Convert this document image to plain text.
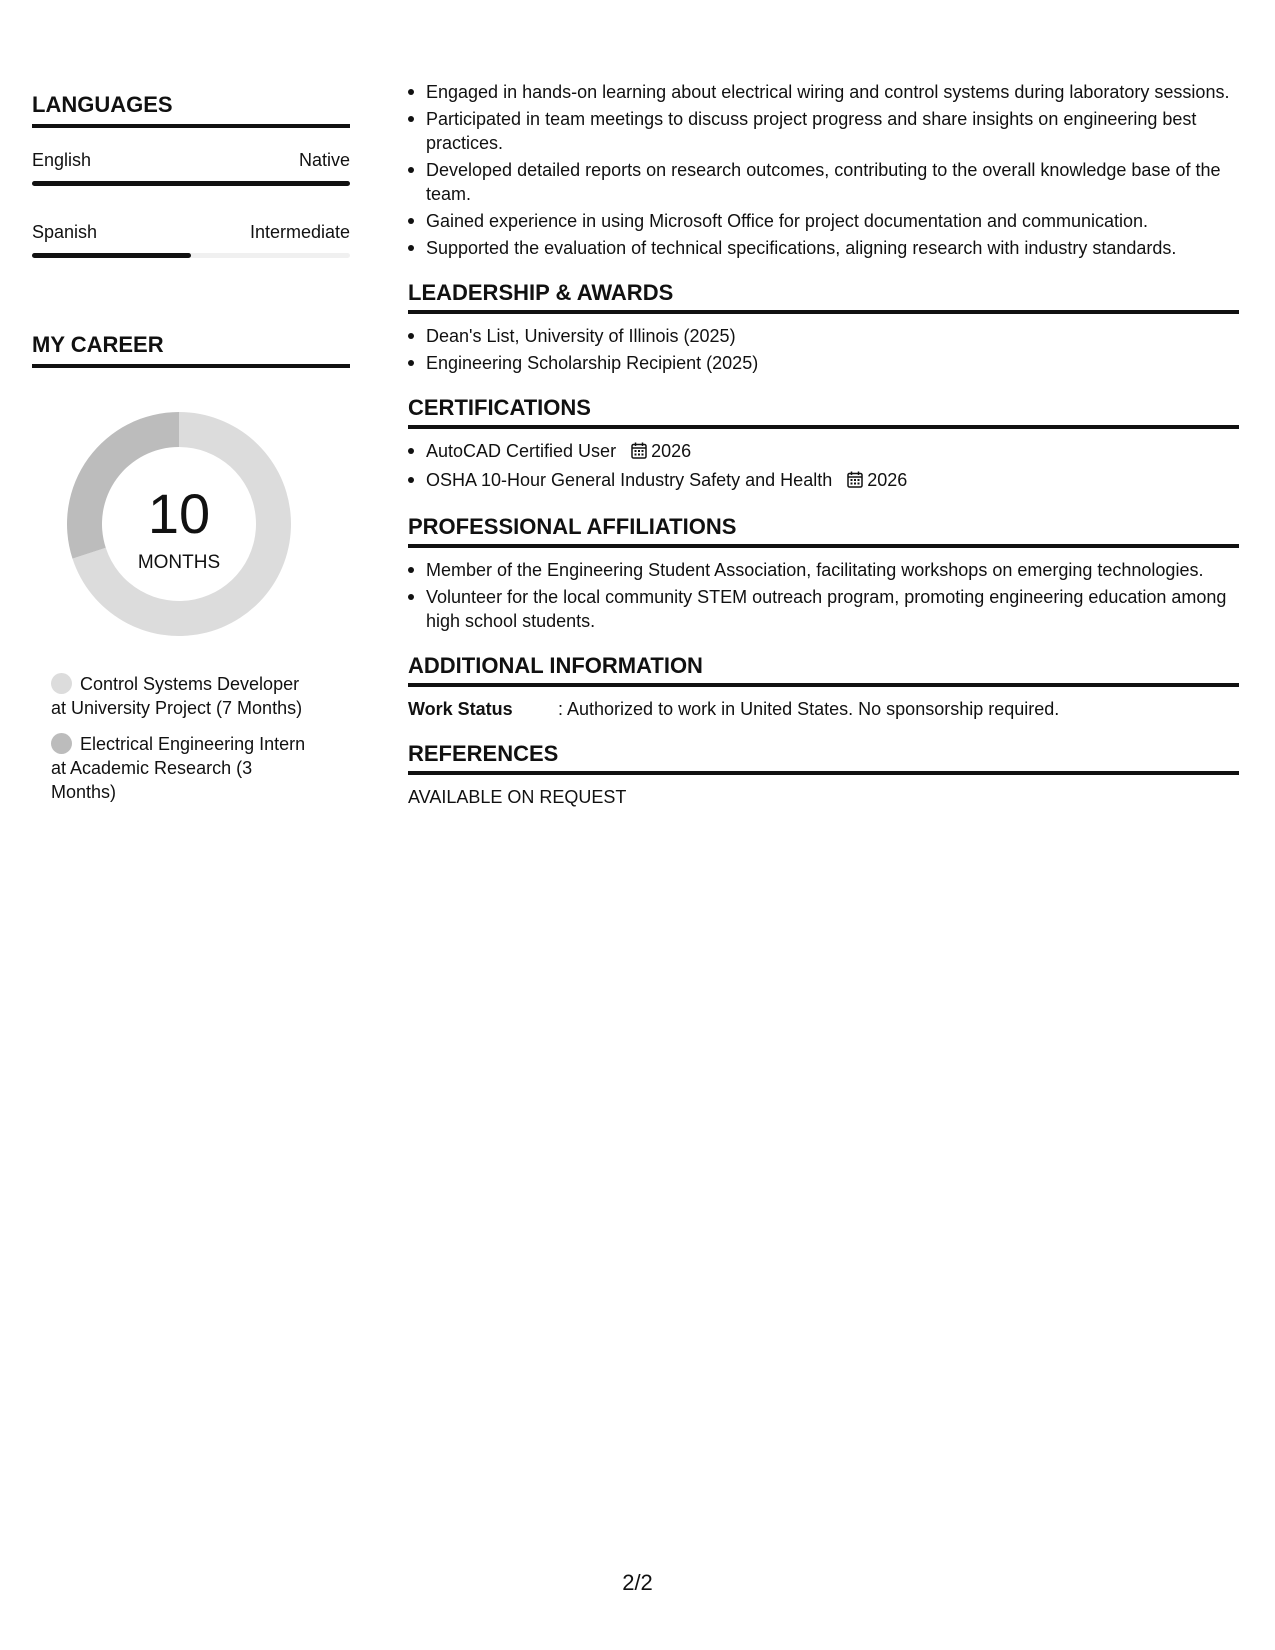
LANGUAGES
English	Native
Spanish	Intermediate
MY CAREER
10
MONTHS
Control Systems Developer at University Project (7 Months)
Electrical Engineering Intern at Academic Research (3 Months)
Engaged in hands-on learning about electrical wiring and control systems during laboratory sessions.
Participated in team meetings to discuss project progress and share insights on engineering best practices.
Developed detailed reports on research outcomes, contributing to the overall knowledge base of the team.
Gained experience in using Microsoft Office for project documentation and communication.
Supported the evaluation of technical specifications, aligning research with industry standards.
LEADERSHIP & AWARDS
Dean's List, University of Illinois (2025)
Engineering Scholarship Recipient (2025)
CERTIFICATIONS
AutoCAD Certified User 2026
OSHA 10-Hour General Industry Safety and Health 2026
PROFESSIONAL AFFILIATIONS
Member of the Engineering Student Association, facilitating workshops on emerging technologies.
Volunteer for the local community STEM outreach program, promoting engineering education among high school students.
ADDITIONAL INFORMATION
Work Status	: Authorized to work in United States. No sponsorship required.
REFERENCES
AVAILABLE ON REQUEST
2/2
